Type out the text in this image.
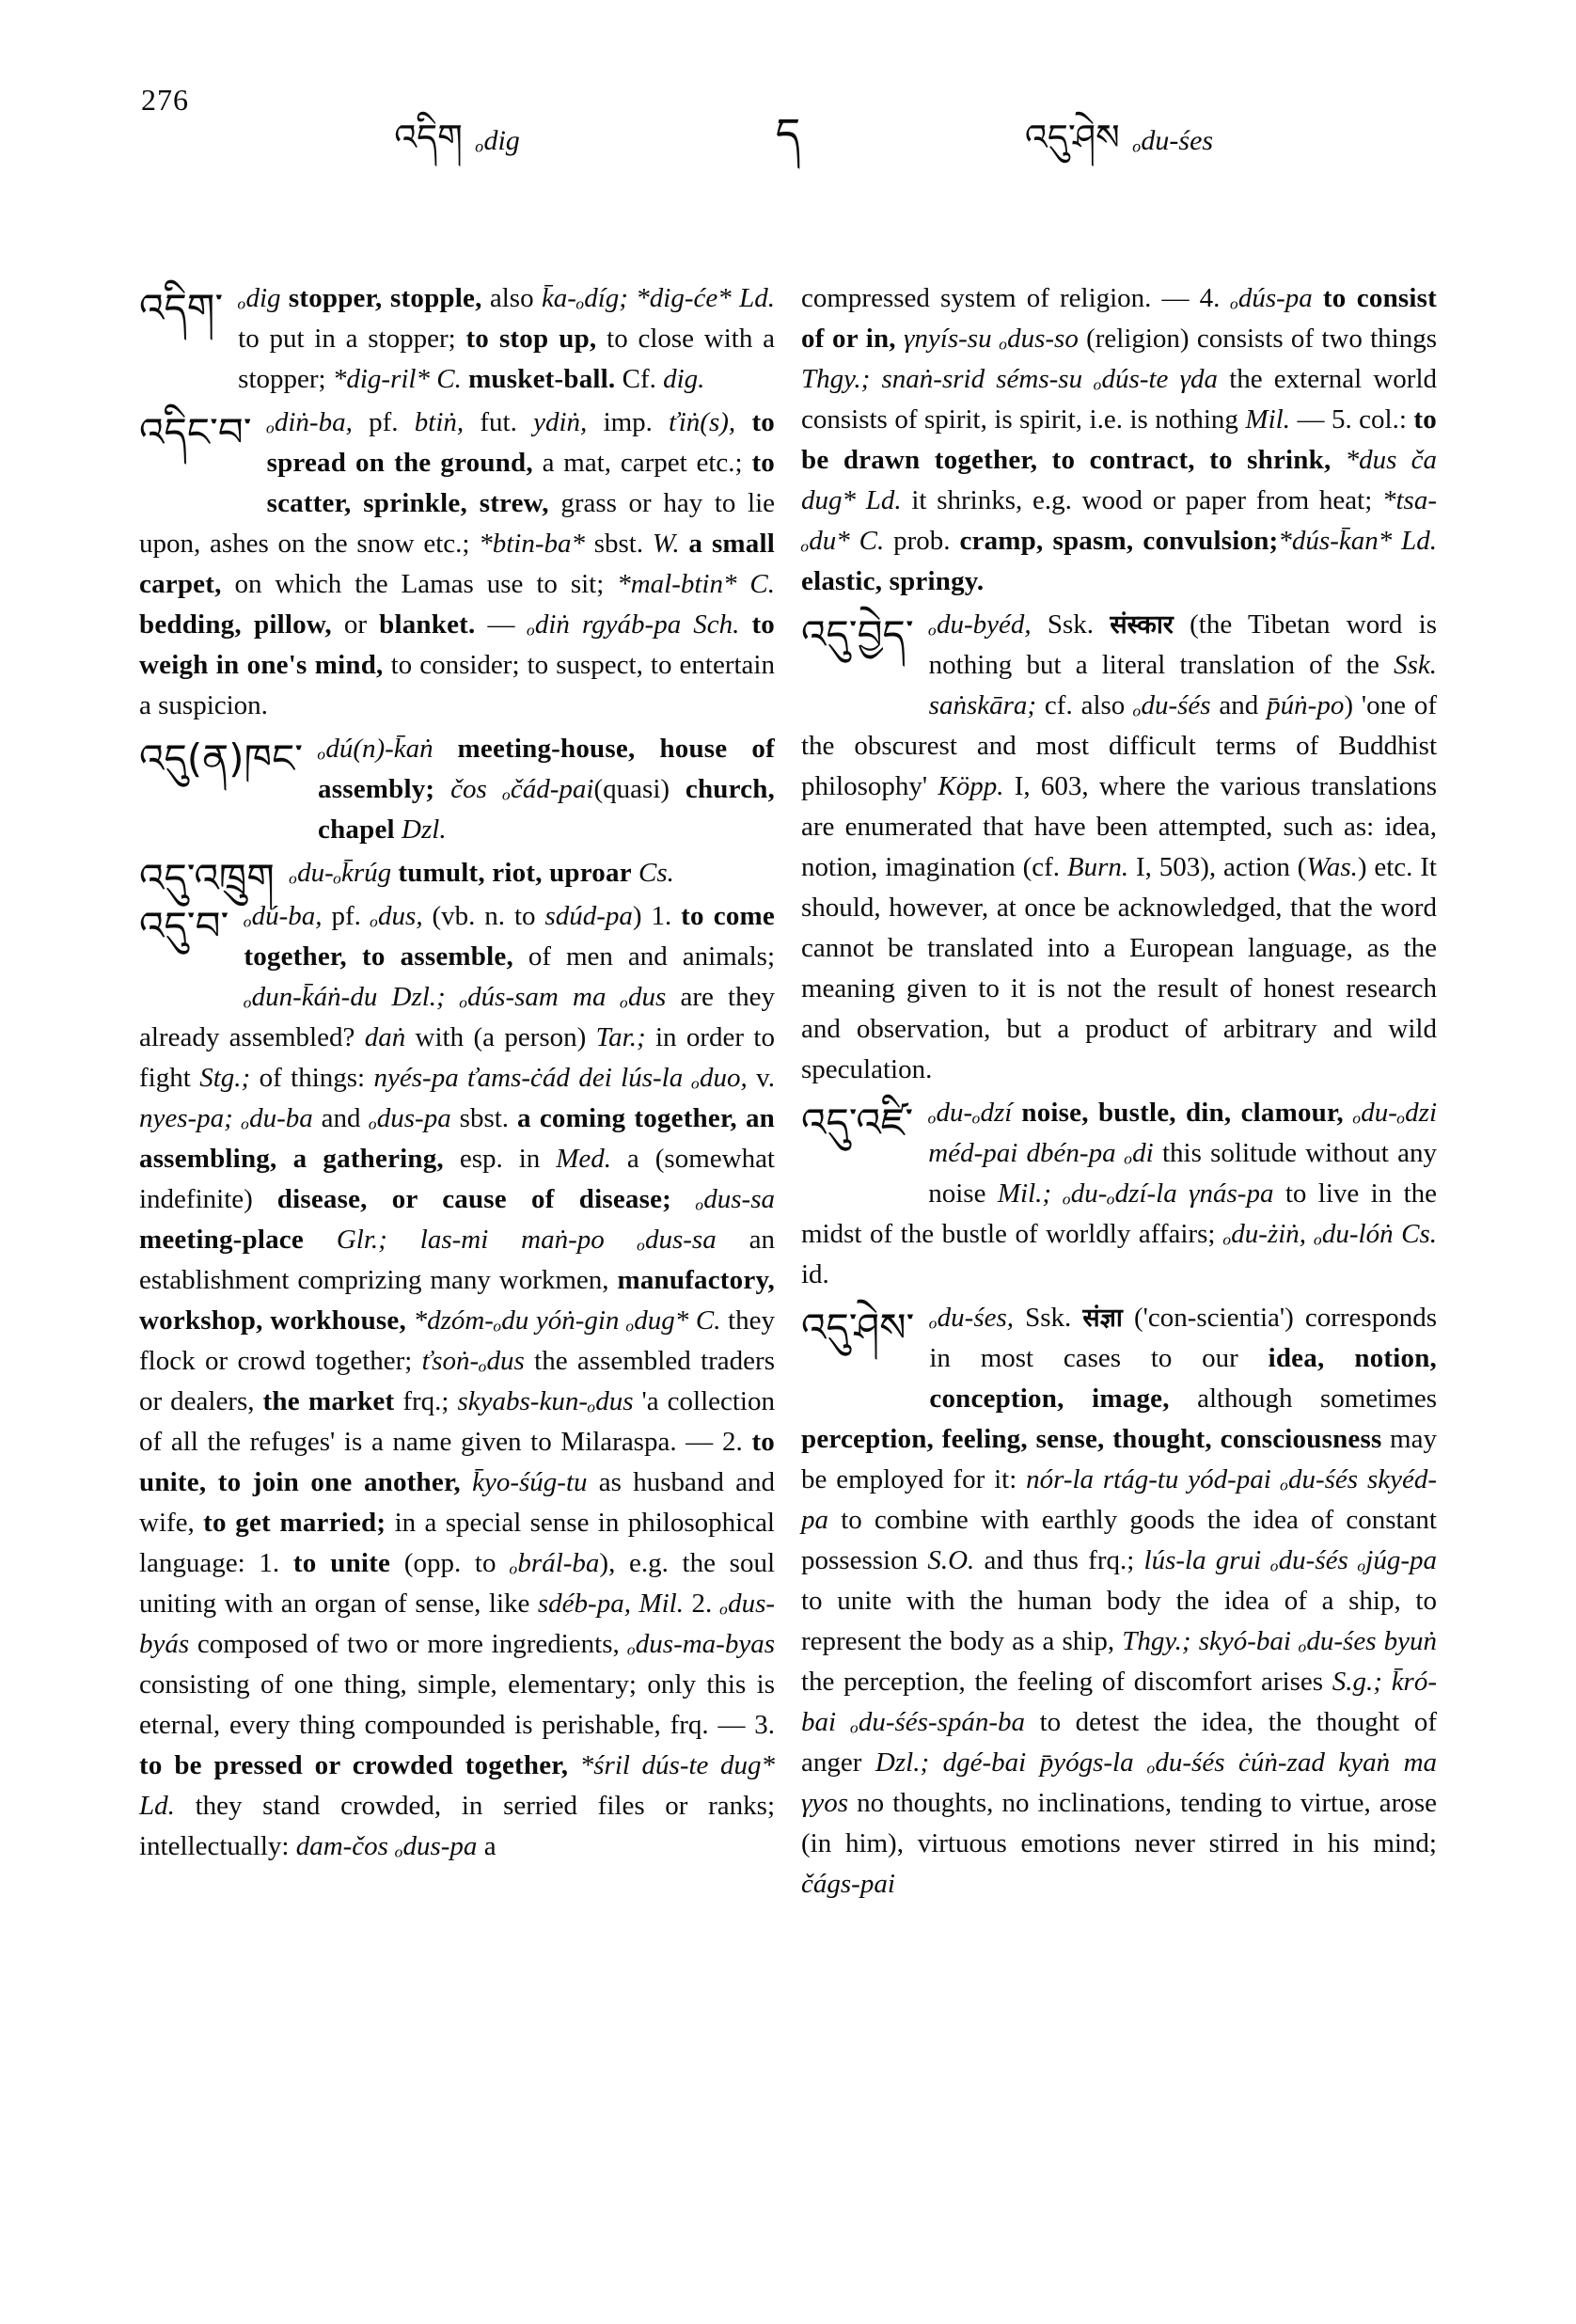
276
འདིག ₒdig	ད	འདུ་ཤེས ₒdu-śes
འདིག་ ₒdig stopper, stopple, also k̄a-ₒdíg; *dig-će* Ld. to put in a stopper; to stop up, to close with a stopper; *dig-ril* C. musket-ball. Cf. dig.
འདིང་བ་ ₒdiṅ-ba, pf. btiṅ, fut. ydiṅ, imp. ťiṅ(s), to spread on the ground, a mat, carpet etc.; to scatter, sprinkle, strew, grass or hay to lie upon, ashes on the snow etc.; *btin-ba* sbst. W. a small carpet, on which the Lamas use to sit; *mal-btin* C. bedding, pillow, or blanket. — ₒdiṅ rgyáb-pa Sch. to weigh in one's mind, to consider; to suspect, to entertain a suspicion.
འདུ(ན)ཁང་ ₒdú(n)-k̄aṅ meeting-house, house of assembly; čos ₒčád-pai(quasi) church, chapel Dzl.
འདུ་འཁྲུག ₒdu-ₒk̄rúg tumult, riot, uproar Cs.
འདུ་བ་ ₒdú-ba, pf. ₒdus, (vb. n. to sdúd-pa) 1. to come together, to assemble, of men and animals; ₒdun-k̄áṅ-du Dzl.; ₒdús-sam ma ₒdus are they already assembled? daṅ with (a person) Tar.; in order to fight Stg.; of things: nyés-pa ťams-ċád dei lús-la ₒduo, v. nyes-pa; ₒdu-ba and ₒdus-pa sbst. a coming together, an assembling, a gathering, esp. in Med. a (somewhat indefinite) disease, or cause of disease; ₒdus-sa meeting-place Glr.; las-mi maṅ-po ₒdus-sa an establishment comprizing many workmen, manufactory, workshop, workhouse, *dzóm-ₒdu yóṅ-gin ₒdug* C. they flock or crowd together; ťsoṅ-ₒdus the assembled traders or dealers, the market frq.; skyabs-kun-ₒdus 'a collection of all the refuges' is a name given to Milaraspa. — 2. to unite, to join one another, k̄yo-śúg-tu as husband and wife, to get married; in a special sense in philosophical language: 1. to unite (opp. to ₒbrál-ba), e.g. the soul uniting with an organ of sense, like sdéb-pa, Mil. 2. ₒdus-byás composed of two or more ingredients, ₒdus-ma-byas consisting of one thing, simple, elementary; only this is eternal, every thing compounded is perishable, frq. — 3. to be pressed or crowded together, *śril dús-te dug* Ld. they stand crowded, in serried files or ranks; intellectually: dam-čos ₒdus-pa a
compressed system of religion. — 4. ₒdús-pa to consist of or in, γnyís-su ₒdus-so (religion) consists of two things Thgy.; snaṅ-srid séms-su ₒdús-te γda the external world consists of spirit, is spirit, i.e. is nothing Mil. — 5. col.: to be drawn together, to contract, to shrink, *dus ča dug* Ld. it shrinks, e.g. wood or paper from heat; *tsa-ₒdu* C. prob. cramp, spasm, convulsion;*dús-k̄an* Ld. elastic, springy.
འདུ་བྱེད་ ₒdu-byéd, Ssk. संस्कार (the Tibetan word is nothing but a literal translation of the Ssk. saṅskāra; cf. also ₒdu-śés and p̄úṅ-po) 'one of the obscurest and most difficult terms of Buddhist philosophy' Köpp. I, 603, where the various translations are enumerated that have been attempted, such as: idea, notion, imagination (cf. Burn. I, 503), action (Was.) etc. It should, however, at once be acknowledged, that the word cannot be translated into a European language, as the meaning given to it is not the result of honest research and observation, but a product of arbitrary and wild speculation.
འདུ་འཛི་ ₒdu-ₒdzí noise, bustle, din, clamour, ₒdu-ₒdzi méd-pai dbén-pa ₒdi this solitude without any noise Mil.; ₒdu-ₒdzí-la γnás-pa to live in the midst of the bustle of worldly affairs; ₒdu-żiṅ, ₒdu-lóṅ Cs. id.
འདུ་ཤེས་ ₒdu-śes, Ssk. संज्ञा ('con-scientia') corresponds in most cases to our idea, notion, conception, image, although sometimes perception, feeling, sense, thought, consciousness may be employed for it: nór-la rtág-tu yód-pai ₒdu-śés skyéd-pa to combine with earthly goods the idea of constant possession S.O. and thus frq.; lús-la grui ₒdu-śés ₒjúg-pa to unite with the human body the idea of a ship, to represent the body as a ship, Thgy.; skyó-bai ₒdu-śes byuṅ the perception, the feeling of discomfort arises S.g.; k̄ró-bai ₒdu-śés-spán-ba to detest the idea, the thought of anger Dzl.; dgé-bai p̄yógs-la ₒdu-śés ċúṅ-zad kyaṅ ma γyos no thoughts, no inclinations, tending to virtue, arose (in him), virtuous emotions never stirred in his mind; čágs-pai
